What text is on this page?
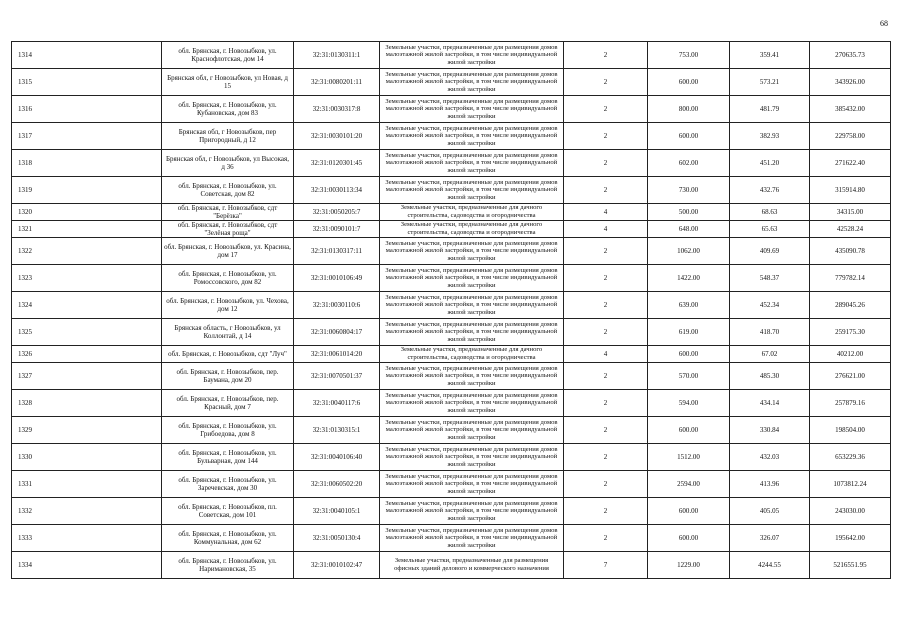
68
1314	обл. Брянская, г. Новозыбков, ул. Краснофлотская, дом 14	32:31:0130311:1	Земельные участки, предназначенные для размещения домов малоэтажной жилой застройки, в том числе индивидуальной жилой застройки	2	753.00	359.41	270635.73
1315	Брянская обл, г Новозыбков, ул Новая, д 15	32:31:0080201:11	Земельные участки, предназначенные для размещения домов малоэтажной жилой застройки, в том числе индивидуальной жилой застройки	2	600.00	573.21	343926.00
1316	обл. Брянская, г. Новозыбков, ул. Кубановская, дом 83	32:31:0030317:8	Земельные участки, предназначенные для размещения домов малоэтажной жилой застройки, в том числе индивидуальной жилой застройки	2	800.00	481.79	385432.00
1317	Брянская обл, г Новозыбков, пер Пригородный, д 12	32:31:0030101:20	Земельные участки, предназначенные для размещения домов малоэтажной жилой застройки, в том числе индивидуальной жилой застройки	2	600.00	382.93	229758.00
1318	Брянская обл, г Новозыбков, ул Высокая, д 36	32:31:0120301:45	Земельные участки, предназначенные для размещения домов малоэтажной жилой застройки, в том числе индивидуальной жилой застройки	2	602.00	451.20	271622.40
1319	обл. Брянская, г. Новозыбков, ул. Советская, дом 82	32:31:0030113:34	Земельные участки, предназначенные для размещения домов малоэтажной жилой застройки, в том числе индивидуальной жилой застройки	2	730.00	432.76	315914.80
1320	обл. Брянская, г. Новозыбков, сдт "Берёзка"	32:31:0050205:7	Земельные участки, предназначенные для дачного строительства, садоводства и огородничества	4	500.00	68.63	34315.00
1321	обл. Брянская, г. Новозыбков, сдт "Зелёная роща"	32:31:0090101:7	Земельные участки, предназначенные для дачного строительства, садоводства и огородничества	4	648.00	65.63	42528.24
1322	обл. Брянская, г. Новозыбков, ул. Красина, дом 17	32:31:0130317:11	Земельные участки, предназначенные для размещения домов малоэтажной жилой застройки, в том числе индивидуальной жилой застройки	2	1062.00	409.69	435090.78
1323	обл. Брянская, г. Новозыбков, ул. Ромоссовского, дом 82	32:31:0010106:49	Земельные участки, предназначенные для размещения домов малоэтажной жилой застройки, в том числе индивидуальной жилой застройки	2	1422.00	548.37	779782.14
1324	обл. Брянская, г. Новозыбков, ул. Чехова, дом 12	32:31:0030110:6	Земельные участки, предназначенные для размещения домов малоэтажной жилой застройки, в том числе индивидуальной жилой застройки	2	639.00	452.34	289045.26
1325	Брянская область, г Новозыбков, ул Коллонтай, д 14	32:31:0060804:17	Земельные участки, предназначенные для размещения домов малоэтажной жилой застройки, в том числе индивидуальной жилой застройки	2	619.00	418.70	259175.30
1326	обл. Брянская, г. Новозыбков, сдт "Луч"	32:31:0061014:20	Земельные участки, предназначенные для дачного строительства, садоводства и огородничества	4	600.00	67.02	40212.00
1327	обл. Брянская, г. Новозыбков, пер. Баумана, дом 20	32:31:0070501:37	Земельные участки, предназначенные для размещения домов малоэтажной жилой застройки, в том числе индивидуальной жилой застройки	2	570.00	485.30	276621.00
1328	обл. Брянская, г. Новозыбков, пер. Красный, дом 7	32:31:0040117:6	Земельные участки, предназначенные для размещения домов малоэтажной жилой застройки, в том числе индивидуальной жилой застройки	2	594.00	434.14	257879.16
1329	обл. Брянская, г. Новозыбков, ул. Грибоедова, дом 8	32:31:0130315:1	Земельные участки, предназначенные для размещения домов малоэтажной жилой застройки, в том числе индивидуальной жилой застройки	2	600.00	330.84	198504.00
1330	обл. Брянская, г. Новозыбков, ул. Бульварная, дом 144	32:31:0040106:40	Земельные участки, предназначенные для размещения домов малоэтажной жилой застройки, в том числе индивидуальной жилой застройки	2	1512.00	432.03	653229.36
1331	обл. Брянская, г. Новозыбков, ул. Заречевская, дом 30	32:31:0060502:20	Земельные участки, предназначенные для размещения домов малоэтажной жилой застройки, в том числе индивидуальной жилой застройки	2	2594.00	413.96	1073812.24
1332	обл. Брянская, г. Новозыбков, пл. Советская, дом 101	32:31:0040105:1	Земельные участки, предназначенные для размещения домов малоэтажной жилой застройки, в том числе индивидуальной жилой застройки	2	600.00	405.05	243030.00
1333	обл. Брянская, г. Новозыбков, ул. Коммунальная, дом 62	32:31:0050130:4	Земельные участки, предназначенные для размещения домов малоэтажной жилой застройки, в том числе индивидуальной жилой застройки	2	600.00	326.07	195642.00
1334	обл. Брянская, г. Новозыбков, ул. Наримановская, 35	32:31:0010102:47	Земельные участки, предназначенные для размещения офисных зданий делового и коммерческого назначения	7	1229.00	4244.55	5216551.95
